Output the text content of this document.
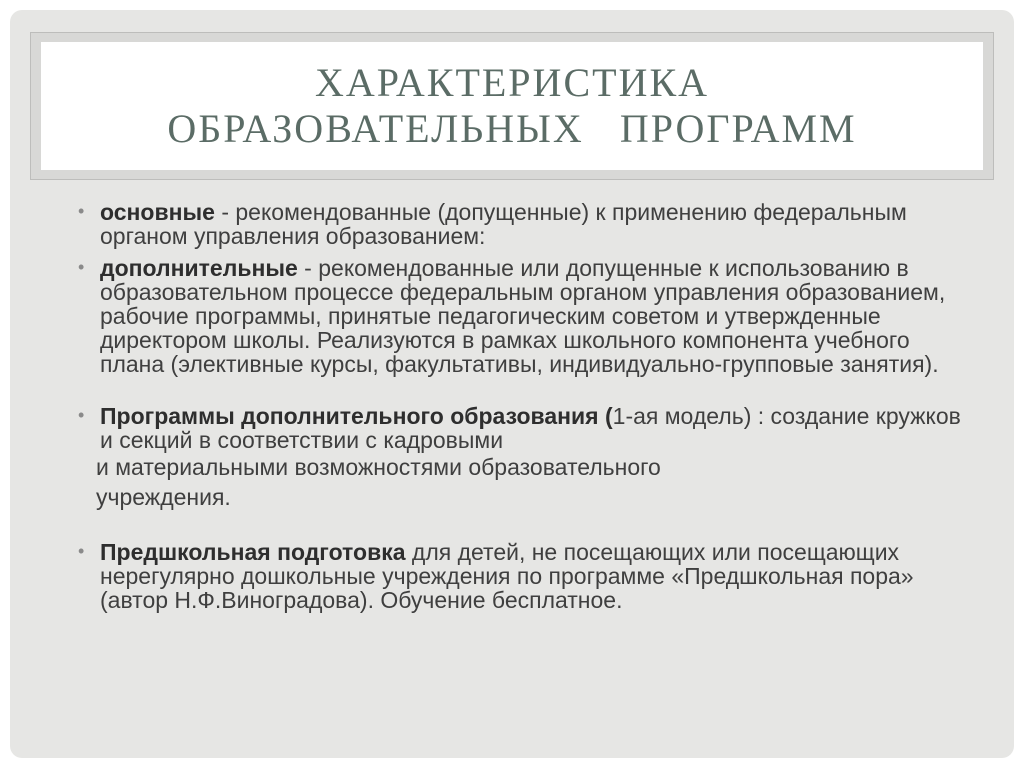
ХАРАКТЕРИСТИКА
ОБРАЗОВАТЕЛЬНЫХ   ПРОГРАММ
• основные - рекомендованные (допущенные) к применению федеральным органом управления образованием:
• дополнительные - рекомендованные или допущенные к использованию в образовательном процессе федеральным органом управления образованием, рабочие программы, принятые педагогическим советом и утвержденные директором школы. Реализуются в рамках школьного компонента учебного плана (элективные курсы, факультативы, индивидуально-групповые занятия).
• Программы дополнительного образования (1-ая модель) : создание кружков и секций в соответствии с кадровыми
и материальными возможностями образовательного
учреждения.
• Предшкольная подготовка для детей, не посещающих или посещающих нерегулярно дошкольные учреждения по программе «Предшкольная пора» (автор Н.Ф.Виноградова). Обучение бесплатное.
